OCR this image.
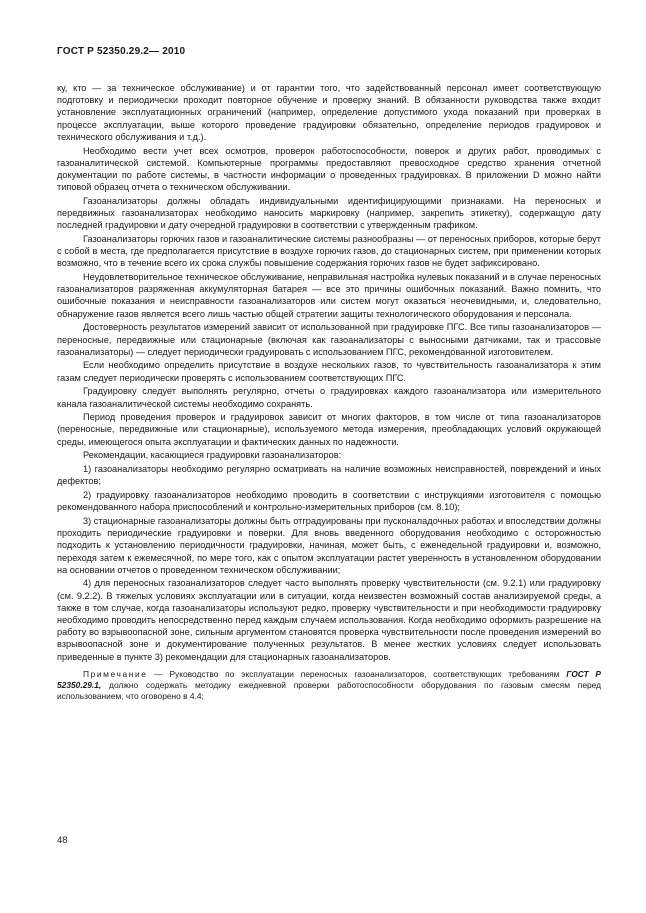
ГОСТ Р 52350.29.2— 2010

ку, кто — за техническое обслуживание) и от гарантии того, что задействованный персонал имеет соответствующую подготовку и периодически проходит повторное обучение и проверку знаний. В обязанности руководства также входит установление эксплуатационных ограничений (например, определение допустимого ухода показаний при проверках в процессе эксплуатации, выше которого проведение градуировки обязательно, определение периодов градуировок и технического обслуживания и т.д.).

Необходимо вести учет всех осмотров, проверок работоспособности, поверок и других работ, проводимых с газоаналитической системой. Компьютерные программы предоставляют превосходное средство хранения отчетной документации по работе системы, в частности информации о проведенных градуировках. В приложении D можно найти типовой образец отчета о техническом обслуживании.

Газоанализаторы должны обладать индивидуальными идентифицирующими признаками. На переносных и передвижных газоанализаторах необходимо наносить маркировку (например, закрепить этикетку), содержащую дату последней градуировки и дату очередной градуировки в соответствии с утвержденным графиком.

Газоанализаторы горючих газов и газоаналитические системы разнообразны — от переносных приборов, которые берут с собой в места, где предполагается присутствие в воздухе горючих газов, до стационарных систем, при применении которых возможно, что в течение всего их срока службы повышение содержания горючих газов не будет зафиксировано.

Неудовлетворительное техническое обслуживание, неправильная настройка нулевых показаний и в случае переносных газоанализаторов разряженная аккумуляторная батарея — все это причины ошибочных показаний. Важно помнить, что ошибочные показания и неисправности газоанализаторов или систем могут оказаться неочевидными, и, следовательно, обнаружение газов является всего лишь частью общей стратегии защиты технологического оборудования и персонала.

Достоверность результатов измерений зависит от использованной при градуировке ПГС. Все типы газоанализаторов — переносные, передвижные или стационарные (включая как газоанализаторы с выносными датчиками, так и трассовые газоанализаторы) — следует периодически градуировать с использованием ПГС, рекомендованной изготовителем.

Если необходимо определить присутствие в воздухе нескольких газов, то чувствительность газоанализатора к этим газам следует периодически проверять с использованием соответствующих ПГС.

Градуировку следует выполнять регулярно, отчеты о градуировках каждого газоанализатора или измерительного канала газоаналитической системы необходимо сохранять.

Период проведения проверок и градуировок зависит от многих факторов, в том числе от типа газоанализаторов (переносные, передвижные или стационарные), используемого метода измерения, преобладающих условий окружающей среды, имеющегося опыта эксплуатации и фактических данных по надежности.

Рекомендации, касающиеся градуировки газоанализаторов:

1) газоанализаторы необходимо регулярно осматривать на наличие возможных неисправностей, повреждений и иных дефектов;

2) градуировку газоанализаторов необходимо проводить в соответствии с инструкциями изготовителя с помощью рекомендованного набора приспособлений и контрольно-измерительных приборов (см. 8.10);

3) стационарные газоанализаторы должны быть отградуированы при пусконаладочных работах и впоследствии должны проходить периодические градуировки и поверки. Для вновь введенного оборудования необходимо с осторожностью подходить к установлению периодичности градуировки, начиная, может быть, с еженедельной градуировки и, возможно, переходя затем к ежемесячной, по мере того, как с опытом эксплуатации растет уверенность в установленном оборудовании на основании отчетов о проведенном техническом обслуживании;

4) для переносных газоанализаторов следует часто выполнять проверку чувствительности (см. 9.2.1) или градуировку (см. 9.2.2). В тяжелых условиях эксплуатации или в ситуации, когда неизвестен возможный состав анализируемой среды, а также в том случае, когда газоанализаторы используют редко, проверку чувствительности и при необходимости градуировку необходимо проводить непосредственно перед каждым случаем использования. Когда необходимо оформить разрешение на работу во взрывоопасной зоне, сильным аргументом становятся проверка чувствительности после проведения измерений во взрывоопасной зоне и документирование полученных результатов. В менее жестких условиях следует использовать приведенные в пункте 3) рекомендации для стационарных газоанализаторов.

Примечание — Руководство по эксплуатации переносных газоанализаторов, соответствующих требованиям ГОСТ Р 52350.29.1, должно содержать методику ежедневной проверки работоспособности оборудования по газовым смесям перед использованием, что оговорено в 4.4;

48
